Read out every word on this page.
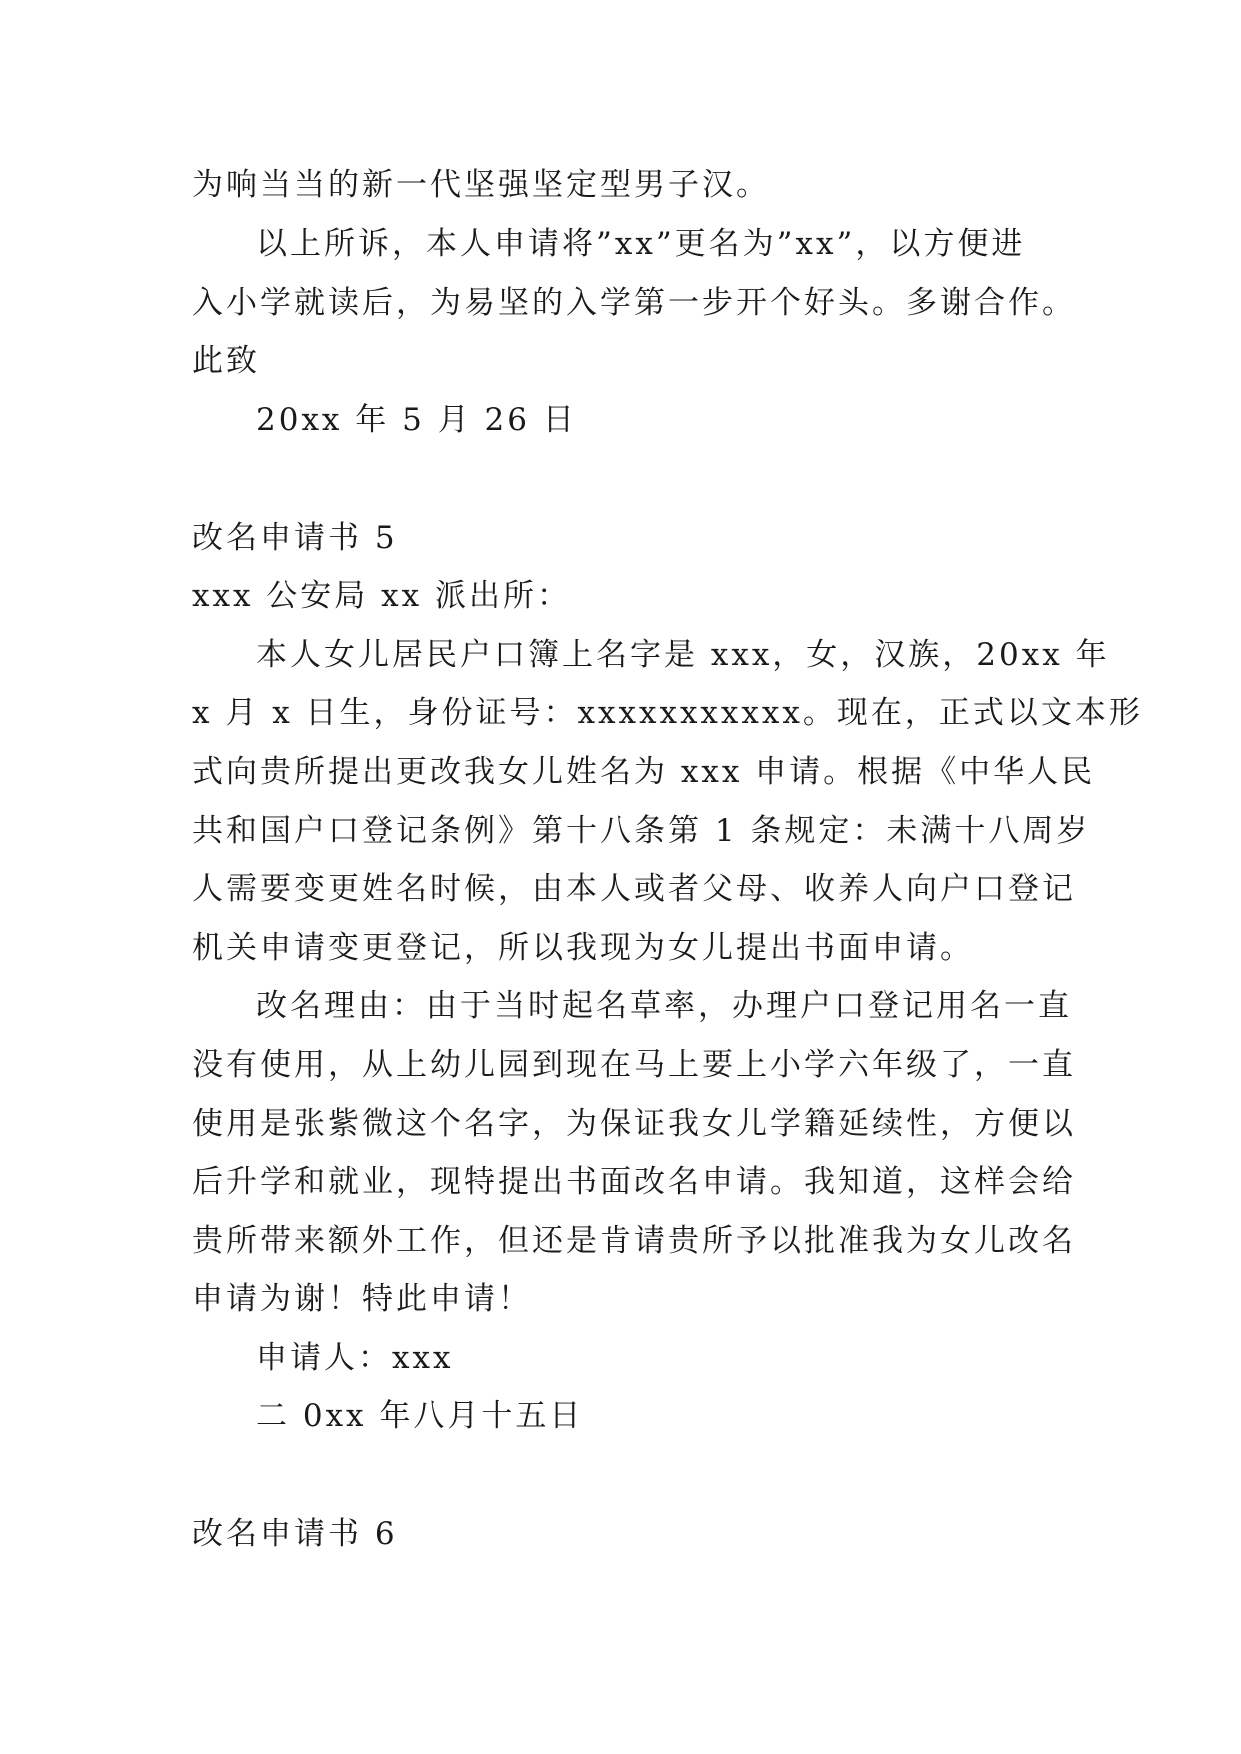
为响当当的新一代坚强坚定型男子汉。
以上所诉，本人申请将”xx”更名为”xx”，以方便进
入小学就读后，为易坚的入学第一步开个好头。多谢合作。
此致
20xx 年 5 月 26 日
改名申请书 5
xxx 公安局 xx 派出所：
本人女儿居民户口簿上名字是 xxx，女，汉族，20xx 年
x 月 x 日生，身份证号：xxxxxxxxxxx。现在，正式以文本形
式向贵所提出更改我女儿姓名为 xxx 申请。根据《中华人民
共和国户口登记条例》第十八条第 1 条规定：未满十八周岁
人需要变更姓名时候，由本人或者父母、收养人向户口登记
机关申请变更登记，所以我现为女儿提出书面申请。
改名理由：由于当时起名草率，办理户口登记用名一直
没有使用，从上幼儿园到现在马上要上小学六年级了，一直
使用是张紫微这个名字，为保证我女儿学籍延续性，方便以
后升学和就业，现特提出书面改名申请。我知道，这样会给
贵所带来额外工作，但还是肯请贵所予以批准我为女儿改名
申请为谢！特此申请！
申请人：xxx
二 0xx 年八月十五日
改名申请书 6
